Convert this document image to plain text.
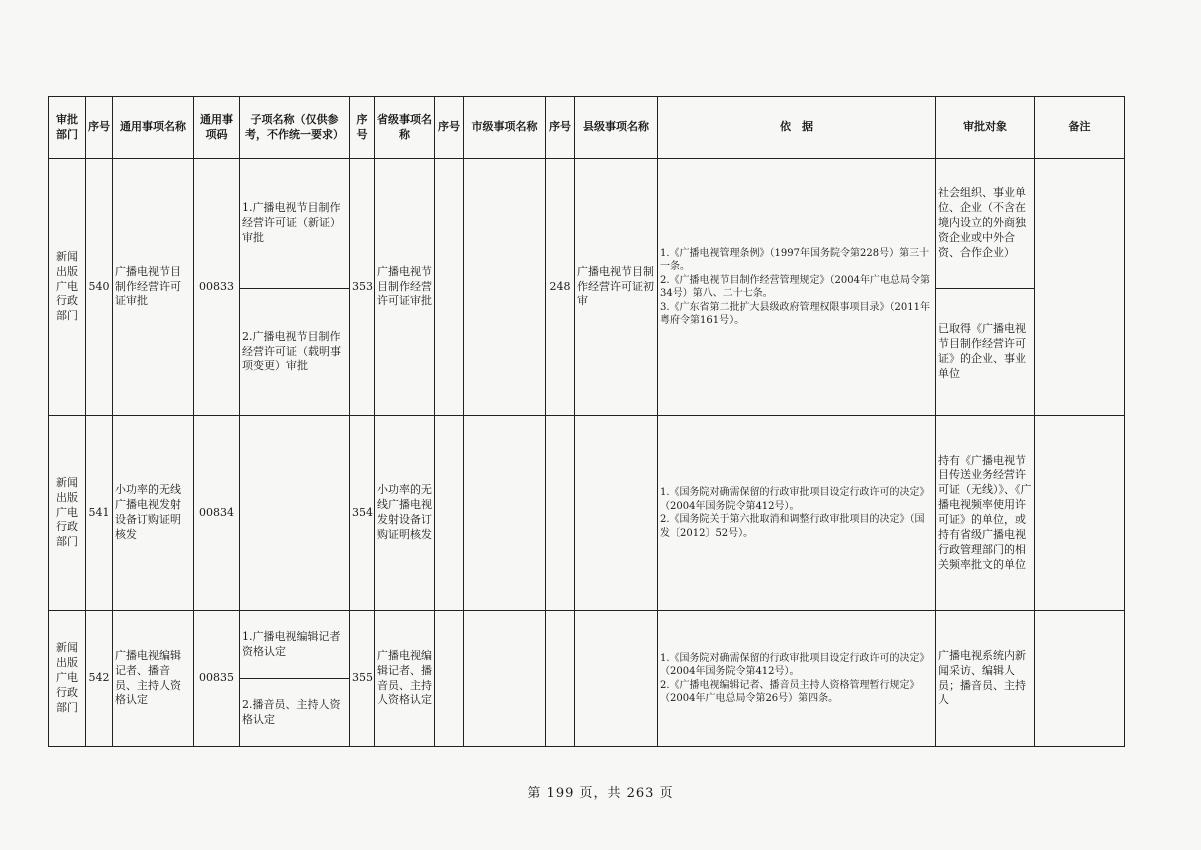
审批部门	序号	通用事项名称	通用事项码	子项名称（仅供参考，不作统一要求）	序号	省级事项名称	序号	市级事项名称	序号	县级事项名称	依　据	审批对象	备注
新闻出版广电行政部门	540	广播电视节目制作经营许可证审批	00833	1.广播电视节目制作经营许可证（新证）审批	353	广播电视节目制作经营许可证审批			248	广播电视节目制作经营许可证初审	1.《广播电视管理条例》（1997年国务院令第228号）第三十一条。
2.《广播电视节目制作经营管理规定》（2004年广电总局令第34号）第八、二十七条。
3.《广东省第二批扩大县级政府管理权限事项目录》（2011年粤府令第161号）。	社会组织、事业单位、企业（不含在境内设立的外商独资企业或中外合资、合作企业）	
				2.广播电视节目制作经营许可证（载明事项变更）审批								已取得《广播电视节目制作经营许可证》的企业、事业单位	
新闻出版广电行政部门	541	小功率的无线广播电视发射设备订购证明核发	00834		354	小功率的无线广播电视发射设备订购证明核发					1.《国务院对确需保留的行政审批项目设定行政许可的决定》（2004年国务院令第412号）。
2.《国务院关于第六批取消和调整行政审批项目的决定》（国发〔2012〕52号）。	持有《广播电视节目传送业务经营许可证（无线）》、《广播电视频率使用许可证》的单位，或持有省级广播电视行政管理部门的相关频率批文的单位	
新闻出版广电行政部门	542	广播电视编辑记者、播音员、主持人资格认定	00835	1.广播电视编辑记者资格认定	355	广播电视编辑记者、播音员、主持人资格认定					1.《国务院对确需保留的行政审批项目设定行政许可的决定》（2004年国务院令第412号）。
2.《广播电视编辑记者、播音员主持人资格管理暂行规定》（2004年广电总局令第26号）第四条。	广播电视系统内新闻采访、编辑人员；播音员、主持人	
				2.播音员、主持人资格认定									
第 199 页，共 263 页
